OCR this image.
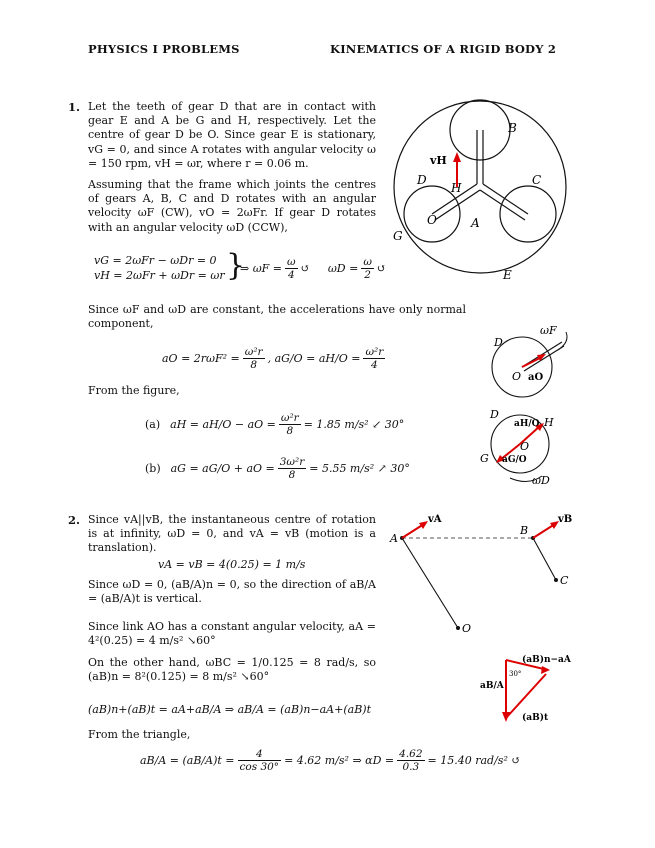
PHYSICS I PROBLEMS	KINEMATICS OF A RIGID BODY 2
1. Let the teeth of gear D that are in contact with gear E and A be G and H, respectively. Let the centre of gear D be O. Since gear E is stationary, vG = 0, and since A rotates with angular velocity ω = 150 rpm, vH = ωr, where r = 0.06 m.
Assuming that the frame which joints the centres of gears A, B, C and D rotates with an angular velocity ωF (CW), vO = 2ωFr. If gear D rotates with an angular velocity ωD (CCW),
vG = 2ωFr − ωDr = 0
vH = 2ωFr + ωDr = ωr }
⇒ $\omega F = \frac{\omega}{4}$ ↺ $\omega D = \frac{\omega}{2}$ ↺
Since ωF and ωD are constant, the accelerations have only normal component,
aO = $2r\omega F^2 = \frac{\text{ω²r}}{8}$ , $aG/O = aH/O = \frac{\text{ω²r}}{4}$
From the figure,
(a) aH = aH/O − aO = $\frac{\text{ω²r}}{8} = 1.85$ m/s² ↙ 30°
(b) aG = aG/O + aO = $\frac{\text{3ω²r}}{8} = 5.55$ m/s² ↗ 30°
B
C
D
H
O	A
G
E
vH
D
O aO
ωF
D
H
O
G
aH/O
aG/O
ωD
2. Since vA||vB, the instantaneous centre of rotation is at infinity, ωD = 0, and vA = vB (motion is a translation).
vA = vB = 4(0.25) = 1 m/s
Since ωD = 0, (aB/A)n = 0, so the direction of aB/A = (aB/A)t is vertical.
Since link AO has a constant angular velocity, aA = 4²(0.25) = 4 m/s² ↘60°
On the other hand, ωBC = 1/0.125 = 8 rad/s, so (aB)n = 8²(0.125) = 8 m/s² ↘60°
(aB)n+(aB)t = aA+aB/A ⇒ aB/A = (aB)n−aA+(aB)t
From the triangle,
$aB/A = (aB/A)t = \frac{4}{\cos 30^\circ} = 4.62$ m/s² ⇒ $\alpha D = \frac{4.62}{0.3} = 15.40$ rad/s² ↺
A
B
C
O
vA	vB
aB/A
(aB)n−aA
(aB)t
30°
